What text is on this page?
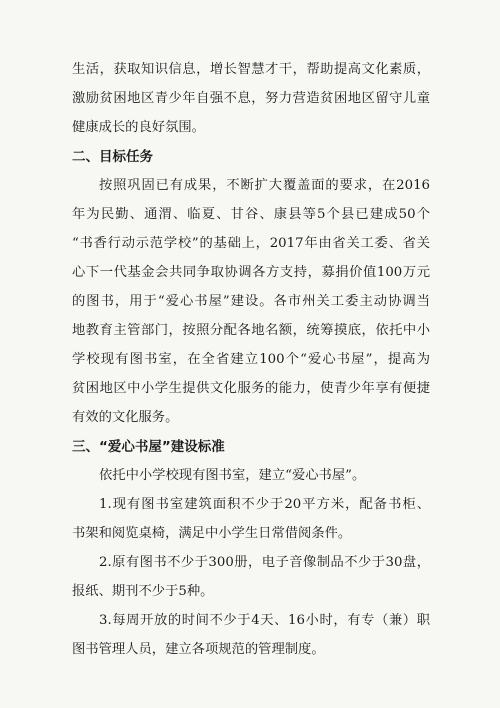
生活，获取知识信息，增长智慧才干，帮助提高文化素质，
激励贫困地区青少年自强不息，努力营造贫困地区留守儿童
健康成长的良好氛围。
二、目标任务
按照巩固已有成果，不断扩大覆盖面的要求，在2016
年为民勤、通渭、临夏、甘谷、康县等5个县已建成50个
“书香行动示范学校”的基础上，2017年由省关工委、省关
心下一代基金会共同争取协调各方支持，募捐价值100万元
的图书，用于“爱心书屋”建设。各市州关工委主动协调当
地教育主管部门，按照分配各地名额，统筹摸底，依托中小
学校现有图书室，在全省建立100个“爱心书屋”，提高为
贫困地区中小学生提供文化服务的能力，使青少年享有便捷
有效的文化服务。
三、“爱心书屋”建设标准
依托中小学校现有图书室，建立“爱心书屋”。
1.现有图书室建筑面积不少于20平方米，配备书柜、
书架和阅览桌椅，满足中小学生日常借阅条件。
2.原有图书不少于300册，电子音像制品不少于30盘，
报纸、期刊不少于5种。
3.每周开放的时间不少于4天、16小时，有专（兼）职
图书管理人员，建立各项规范的管理制度。
